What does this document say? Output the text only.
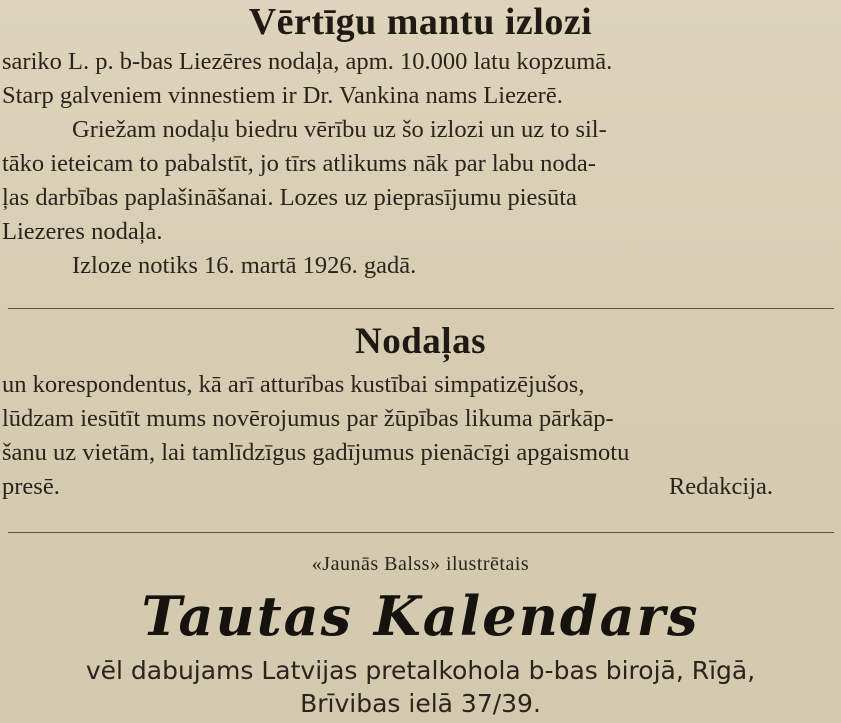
Vērtīgu mantu izlozi
sariko L. p. b-bas Liezēres nodaļa, apm. 10.000 latu kopzumā.
Starp galveniem vinnestiem ir Dr. Vankina nams Liezerē.
Griežam nodaļu biedru vērību uz šo izlozi un uz to sil-
tāko ieteicam to pabalstīt, jo tīrs atlikums nāk par labu noda-
ļas darbības paplašināšanai. Lozes uz pieprasījumu piesūta
Liezeres nodaļa.
Izloze notiks 16. martā 1926. gadā.
Nodaļas
un korespondentus, kā arī atturības kustībai simpatizējušos,
lūdzam iesūtīt mums novērojumus par žūpības likuma pārkāp-
šanu uz vietām, lai tamlīdzīgus gadījumus pienācīgi apgaismotu
presē.	Redakcija.
«Jaunās Balss» ilustrētais
Tautas Kalendars
vēl dabujams Latvijas pretalkohola b-bas birojā, Rīgā,
Brīvibas ielā 37/39.
